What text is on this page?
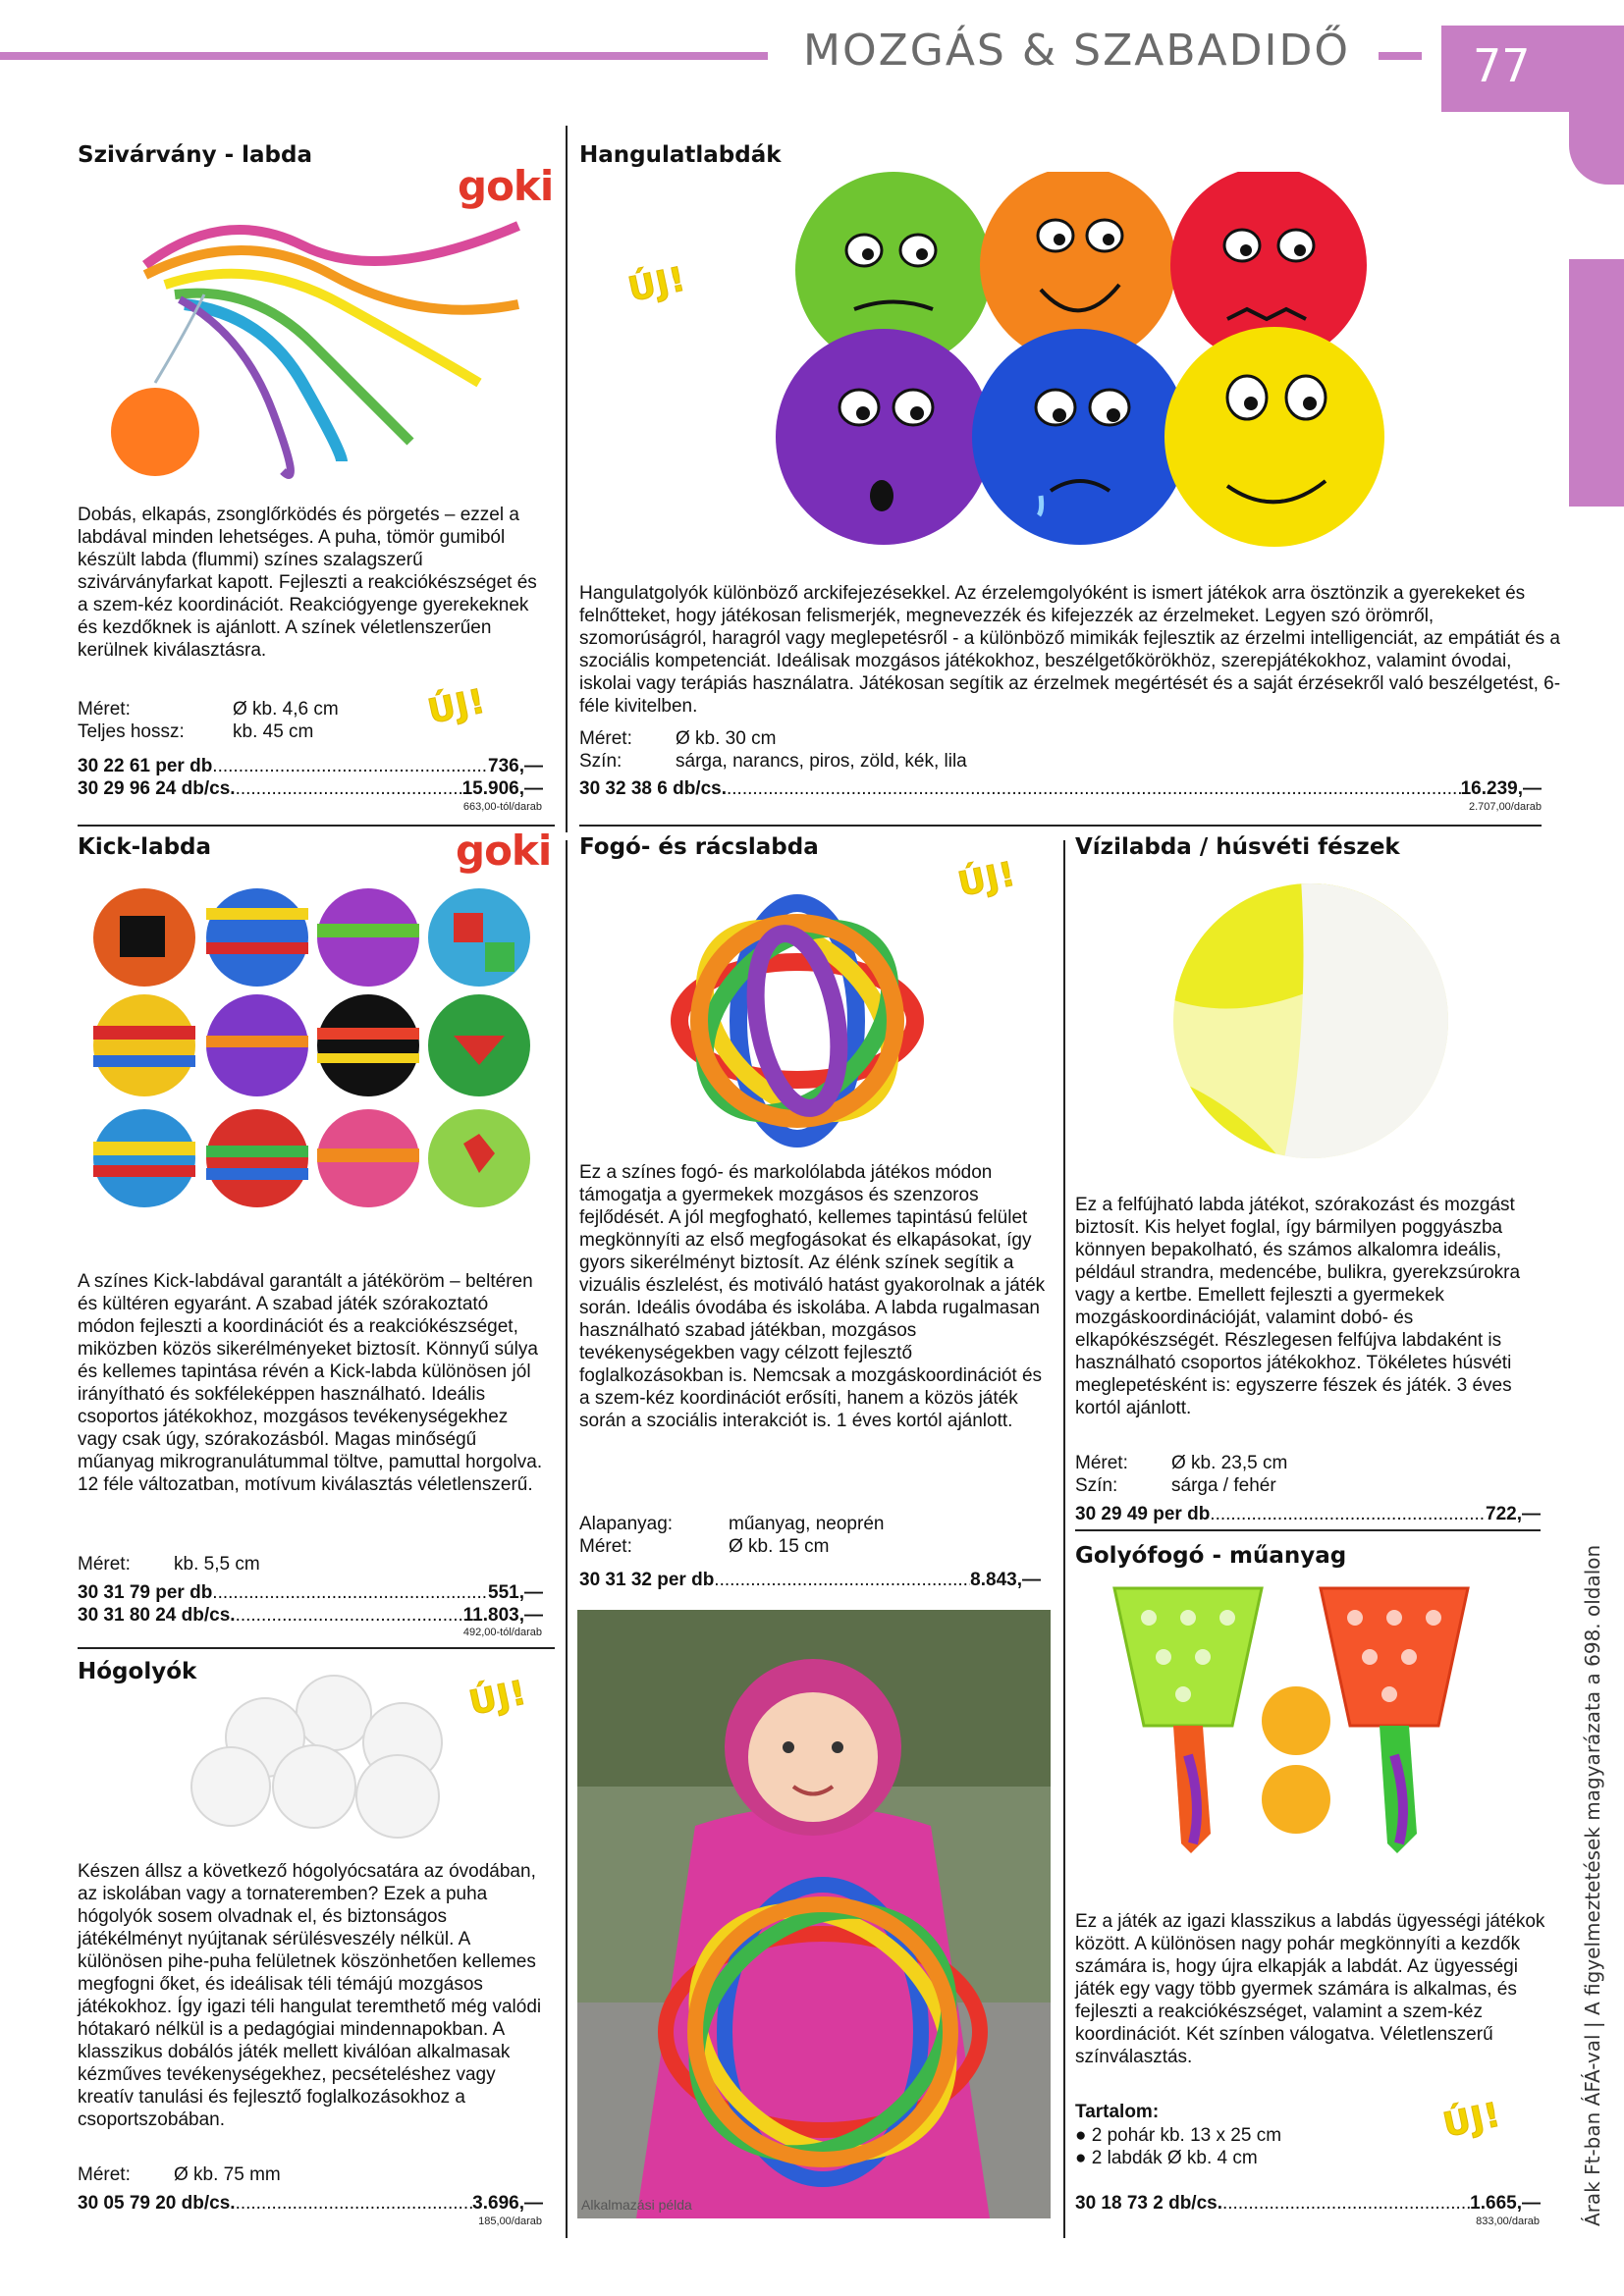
MOZGÁS & SZABADIDŐ	77
Árak Ft-ban ÁFÁ-val | A figyelmeztetések magyarázata a 698. oldalon
Szivárvány - labda
goki
Dobás, elkapás, zsonglőrködés és pörgetés – ezzel a labdával minden lehetséges. A puha, tömör gumiból készült labda (flummi) színes szalagszerű szivárványfarkat kapott. Fejleszti a reakciókészséget és a szem-kéz koordinációt. Reakciógyenge gyerekeknek és kezdőknek is ajánlott. A színek véletlenszerűen kerülnek kiválasztásra.
Méret:	Ø kb. 4,6 cm
Teljes hossz:	kb. 45 cm	ÚJ!
30 22 61 per db .....	736,—
30 29 96 24 db/cs. .....	15.906,—
663,00-tól/darab
Hangulatlabdák
ÚJ!
Hangulatgolyók különböző arckifejezésekkel. Az érzelemgolyóként is ismert játékok arra ösztönzik a gyerekeket és felnőtteket, hogy játékosan felismerjék, megnevezzék és kifejezzék az érzelmeket. Legyen szó örömről, szomorúságról, haragról vagy meglepetésről - a különböző mimikák fejlesztik az érzelmi intelligenciát, az empátiát és a szociális kompetenciát. Ideálisak mozgásos játékokhoz, beszélgetőkörökhöz, szerepjátékokhoz, valamint óvodai, iskolai vagy terápiás használatra. Játékosan segítik az érzelmek megértését és a saját érzésekről való beszélgetést, 6-féle kivitelben.
Méret:	Ø kb. 30 cm
Szín:	sárga, narancs, piros, zöld, kék, lila
30 32 38 6 db/cs. .....	16.239,—
2.707,00/darab
Kick-labda	goki
A színes Kick-labdával garantált a játéköröm – beltéren és kültéren egyaránt. A szabad játék szórakoztató módon fejleszti a koordinációt és a reakciókészséget, miközben közös sikerélményeket biztosít. Könnyű súlya és kellemes tapintása révén a Kick-labda különösen jól irányítható és sokféleképpen használható. Ideális csoportos játékokhoz, mozgásos tevékenységekhez vagy csak úgy, szórakozásból. Magas minőségű műanyag mikrogranulátummal töltve, pamuttal horgolva. 12 féle változatban, motívum kiválasztás véletlenszerű.
Méret:	kb. 5,5 cm
30 31 79 per db .....	551,—
30 31 80 24 db/cs. .....	11.803,—
492,00-tól/darab
Hógolyók
ÚJ!
Készen állsz a következő hógolyócsatára az óvodában, az iskolában vagy a tornateremben? Ezek a puha hógolyók sosem olvadnak el, és biztonságos játékélményt nyújtanak sérülésveszély nélkül. A különösen pihe-puha felületnek köszönhetően kellemes megfogni őket, és ideálisak téli témájú mozgásos játékokhoz. Így igazi téli hangulat teremthető még valódi hótakaró nélkül is a pedagógiai mindennapokban. A klasszikus dobálós játék mellett kiválóan alkalmasak kézműves tevékenységekhez, pecsételéshez vagy kreatív tanulási és fejlesztő foglalkozásokhoz a csoportszobában.
Méret:	Ø kb. 75 mm
30 05 79 20 db/cs. .....	3.696,—
185,00/darab
Fogó- és rácslabda
ÚJ!
Ez a színes fogó- és markolólabda játékos módon támogatja a gyermekek mozgásos és szenzoros fejlődését. A jól megfogható, kellemes tapintású felület megkönnyíti az első megfogásokat és elkapásokat, így gyors sikerélményt biztosít. Az élénk színek segítik a vizuális észlelést, és motiváló hatást gyakorolnak a játék során. Ideális óvodába és iskolába. A labda rugalmasan használható szabad játékban, mozgásos tevékenységekben vagy célzott fejlesztő foglalkozásokban is. Nemcsak a mozgáskoordinációt és a szem-kéz koordinációt erősíti, hanem a közös játék során a szociális interakciót is. 1 éves kortól ajánlott.
Alapanyag:	műanyag, neoprén
Méret:	Ø kb. 15 cm
30 31 32 per db .....	8.843,—
Alkalmazási példa
Vízilabda / húsvéti fészek
Ez a felfújható labda játékot, szórakozást és mozgást biztosít. Kis helyet foglal, így bármilyen poggyászba könnyen bepakolható, és számos alkalomra ideális, például strandra, medencébe, bulikra, gyerekzsúrokra vagy a kertbe. Emellett fejleszti a gyermekek mozgáskoordinációját, valamint dobó- és elkapókészségét. Részlegesen felfújva labdaként is használható csoportos játékokhoz. Tökéletes húsvéti meglepetésként is: egyszerre fészek és játék. 3 éves kortól ajánlott.
Méret:	Ø kb. 23,5 cm
Szín:	sárga / fehér
30 29 49 per db .....	722,—
Golyófogó - műanyag
Ez a játék az igazi klasszikus a labdás ügyességi játékok között. A különösen nagy pohár megkönnyíti a kezdők számára is, hogy újra elkapják a labdát. Az ügyességi játék egy vagy több gyermek számára is alkalmas, és fejleszti a reakciókészséget, valamint a szem-kéz koordinációt. Két színben válogatva. Véletlenszerű színválasztás.
Tartalom:
● 2 pohár kb. 13 x 25 cm
● 2 labdák Ø kb. 4 cm
ÚJ!
30 18 73 2 db/cs. .....	1.665,—
833,00/darab
